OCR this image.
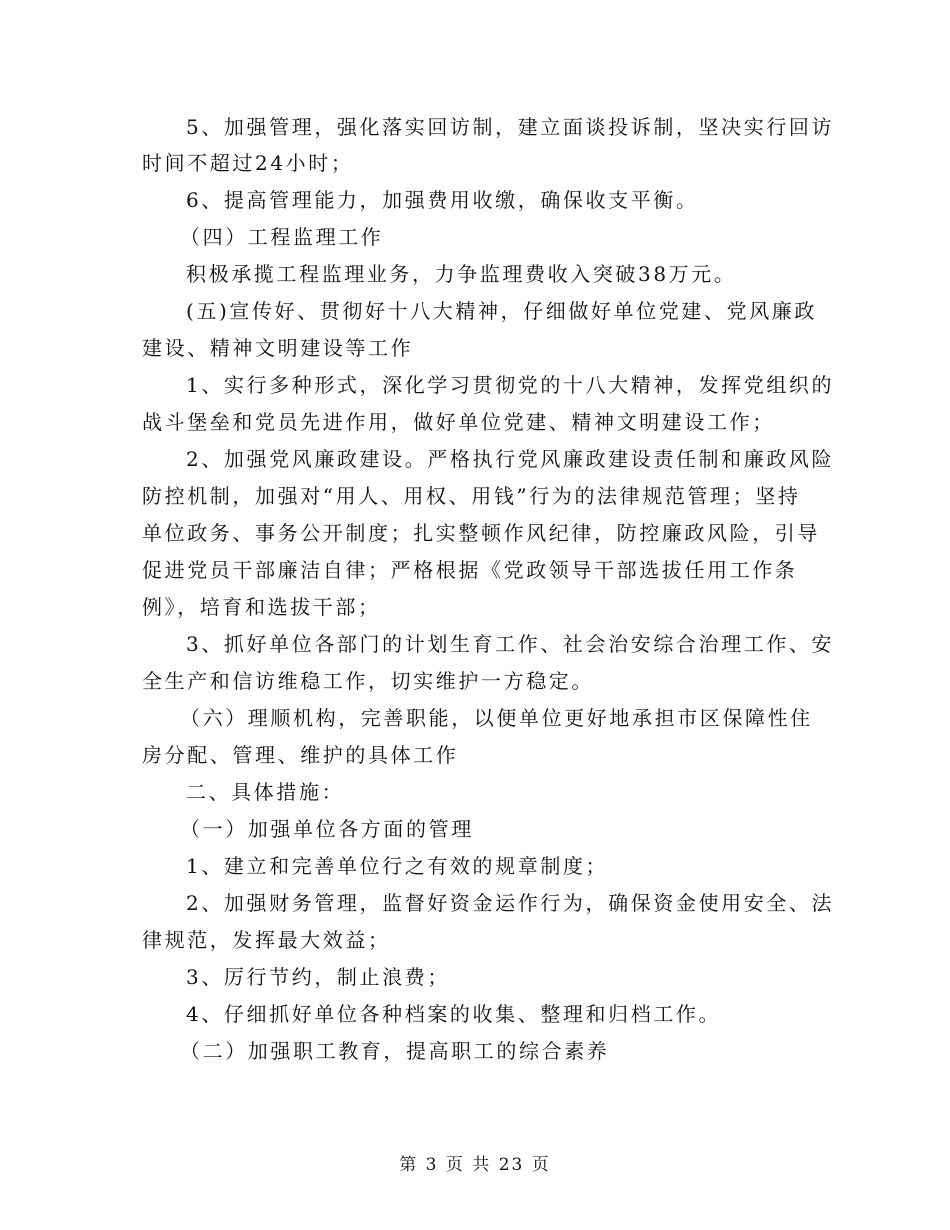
5、加强管理，强化落实回访制，建立面谈投诉制，坚决实行回访
时间不超过24小时；
6、提高管理能力，加强费用收缴，确保收支平衡。
（四）工程监理工作
积极承揽工程监理业务，力争监理费收入突破38万元。
(五)宣传好、贯彻好十八大精神，仔细做好单位党建、党风廉政
建设、精神文明建设等工作
1、实行多种形式，深化学习贯彻党的十八大精神，发挥党组织的
战斗堡垒和党员先进作用，做好单位党建、精神文明建设工作；
2、加强党风廉政建设。严格执行党风廉政建设责任制和廉政风险
防控机制，加强对“用人、用权、用钱”行为的法律规范管理；坚持
单位政务、事务公开制度；扎实整顿作风纪律，防控廉政风险，引导
促进党员干部廉洁自律；严格根据《党政领导干部选拔任用工作条
例》，培育和选拔干部；
3、抓好单位各部门的计划生育工作、社会治安综合治理工作、安
全生产和信访维稳工作，切实维护一方稳定。
（六）理顺机构，完善职能，以便单位更好地承担市区保障性住
房分配、管理、维护的具体工作
二、具体措施：
（一）加强单位各方面的管理
1、建立和完善单位行之有效的规章制度；
2、加强财务管理，监督好资金运作行为，确保资金使用安全、法
律规范，发挥最大效益；
3、厉行节约，制止浪费；
4、仔细抓好单位各种档案的收集、整理和归档工作。
（二）加强职工教育，提高职工的综合素养
第 3 页 共 23 页
